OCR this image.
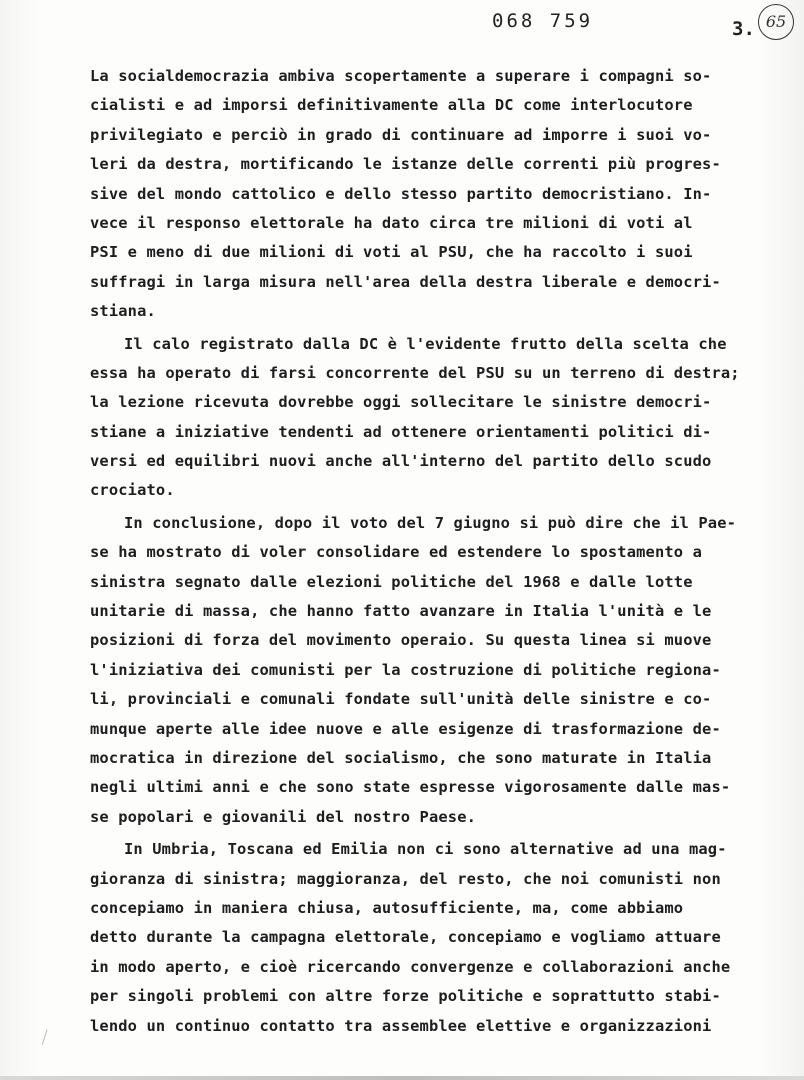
068 759	3. 65
La socialdemocrazia ambiva scopertamente a superare i compagni so-
cialisti e ad imporsi definitivamente alla DC come interlocutore
privilegiato e perciò in grado di continuare ad imporre i suoi vo-
leri da destra, mortificando le istanze delle correnti più progres-
sive del mondo cattolico e dello stesso partito democristiano. In-
vece il responso elettorale ha dato circa tre milioni di voti al
PSI e meno di due milioni di voti al PSU, che ha raccolto i suoi
suffragi in larga misura nell'area della destra liberale e democri-
stiana.
Il calo registrato dalla DC è l'evidente frutto della scelta che
essa ha operato di farsi concorrente del PSU su un terreno di destra;
la lezione ricevuta dovrebbe oggi sollecitare le sinistre democri-
stiane a iniziative tendenti ad ottenere orientamenti politici di-
versi ed equilibri nuovi anche all'interno del partito dello scudo
crociato.
In conclusione, dopo il voto del 7 giugno si può dire che il Pae-
se ha mostrato di voler consolidare ed estendere lo spostamento a
sinistra segnato dalle elezioni politiche del 1968 e dalle lotte
unitarie di massa, che hanno fatto avanzare in Italia l'unità e le
posizioni di forza del movimento operaio. Su questa linea si muove
l'iniziativa dei comunisti per la costruzione di politiche regiona-
li, provinciali e comunali fondate sull'unità delle sinistre e co-
munque aperte alle idee nuove e alle esigenze di trasformazione de-
mocratica in direzione del socialismo, che sono maturate in Italia
negli ultimi anni e che sono state espresse vigorosamente dalle mas-
se popolari e giovanili del nostro Paese.
In Umbria, Toscana ed Emilia non ci sono alternative ad una mag-
gioranza di sinistra; maggioranza, del resto, che noi comunisti non
concepiamo in maniera chiusa, autosufficiente, ma, come abbiamo
detto durante la campagna elettorale, concepiamo e vogliamo attuare
in modo aperto, e cioè ricercando convergenze e collaborazioni anche
per singoli problemi con altre forze politiche e soprattutto stabi-
lendo un continuo contatto tra assemblee elettive e organizzazioni
